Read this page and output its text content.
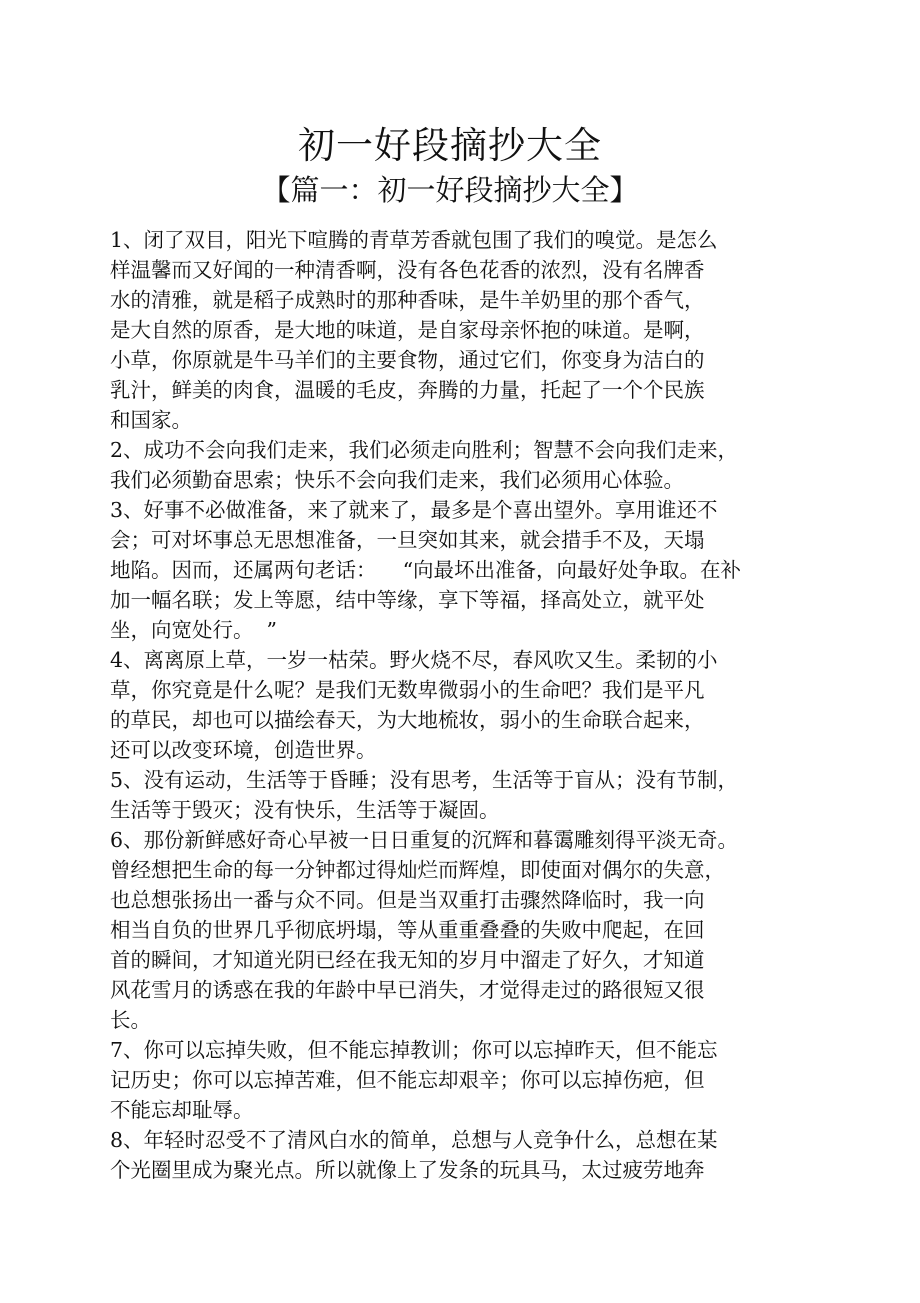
初一好段摘抄大全
【篇一：初一好段摘抄大全】
1、闭了双目，阳光下喧腾的青草芳香就包围了我们的嗅觉。是怎么
样温馨而又好闻的一种清香啊，没有各色花香的浓烈，没有名牌香
水的清雅，就是稻子成熟时的那种香味，是牛羊奶里的那个香气，
是大自然的原香，是大地的味道，是自家母亲怀抱的味道。是啊，
小草，你原就是牛马羊们的主要食物，通过它们，你变身为洁白的
乳汁，鲜美的肉食，温暖的毛皮，奔腾的力量，托起了一个个民族
和国家。
2、成功不会向我们走来，我们必须走向胜利；智慧不会向我们走来，
我们必须勤奋思索；快乐不会向我们走来，我们必须用心体验。
3、好事不必做准备，来了就来了，最多是个喜出望外。享用谁还不
会；可对坏事总无思想准备，一旦突如其来，就会措手不及，天塌
地陷。因而，还属两句老话：    “向最坏出准备，向最好处争取。在补
加一幅名联；发上等愿，结中等缘，享下等福，择高处立，就平处
坐，向宽处行。  ”
4、离离原上草，一岁一枯荣。野火烧不尽，春风吹又生。柔韧的小
草，你究竟是什么呢？是我们无数卑微弱小的生命吧？我们是平凡
的草民，却也可以描绘春天，为大地梳妆，弱小的生命联合起来，
还可以改变环境，创造世界。
5、没有运动，生活等于昏睡；没有思考，生活等于盲从；没有节制，
生活等于毁灭；没有快乐，生活等于凝固。
6、那份新鲜感好奇心早被一日日重复的沉辉和暮霭雕刻得平淡无奇。
曾经想把生命的每一分钟都过得灿烂而辉煌，即使面对偶尔的失意，
也总想张扬出一番与众不同。但是当双重打击骤然降临时，我一向
相当自负的世界几乎彻底坍塌，等从重重叠叠的失败中爬起，在回
首的瞬间，才知道光阴已经在我无知的岁月中溜走了好久，才知道
风花雪月的诱惑在我的年龄中早已消失，才觉得走过的路很短又很
长。
7、你可以忘掉失败，但不能忘掉教训；你可以忘掉昨天，但不能忘
记历史；你可以忘掉苦难，但不能忘却艰辛；你可以忘掉伤疤，但
不能忘却耻辱。
8、年轻时忍受不了清风白水的简单，总想与人竞争什么，总想在某
个光圈里成为聚光点。所以就像上了发条的玩具马，太过疲劳地奔
